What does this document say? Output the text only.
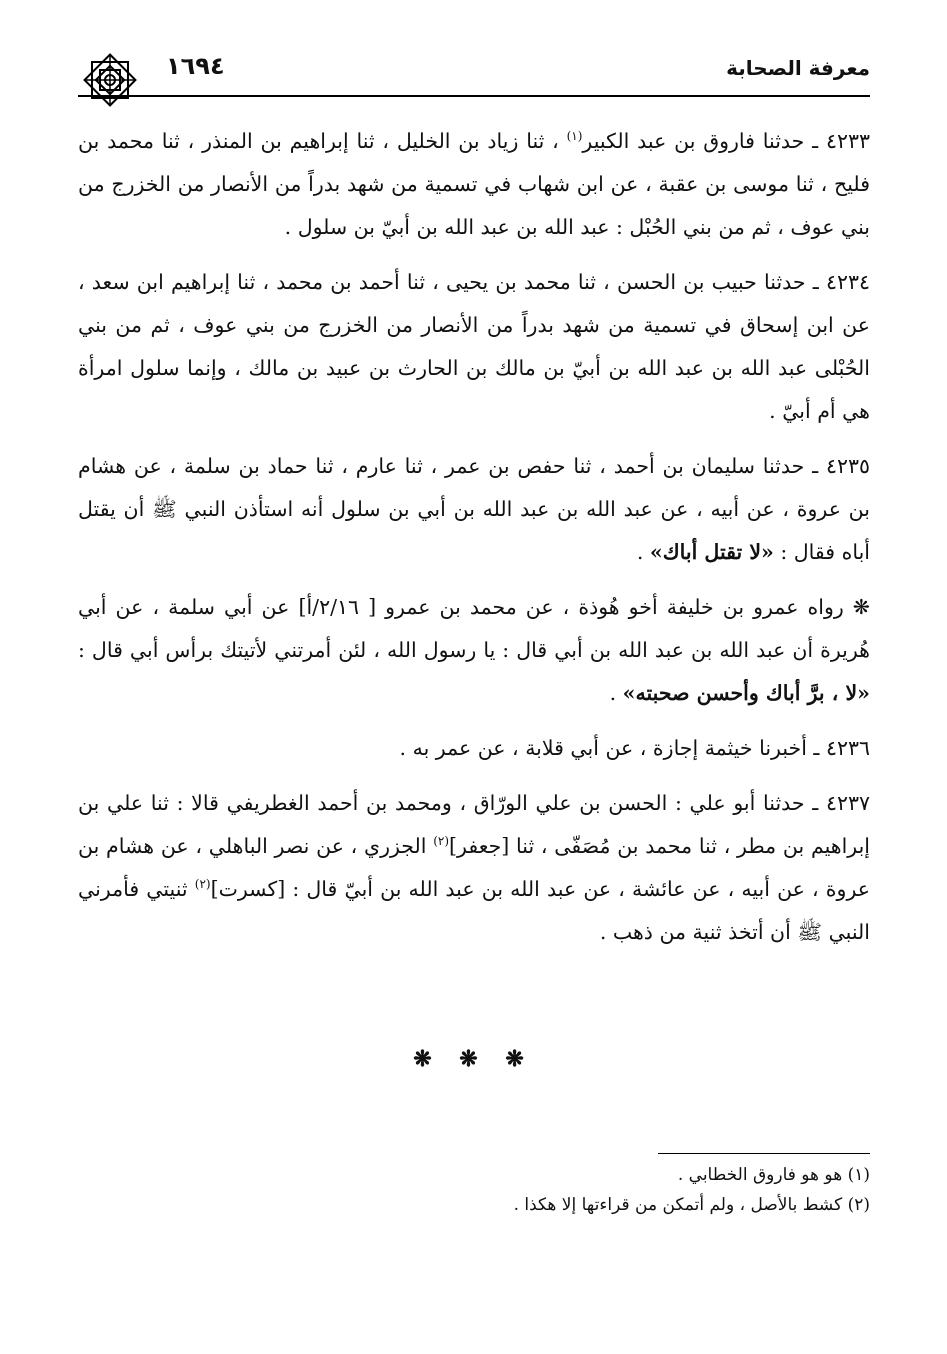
معرفة الصحابة
١٦٩٤

٤٢٣٣ ـ حدثنا فاروق بن عبد الكبير$^{(١)}$ ، ثنا زياد بن الخليل ، ثنا إبراهيم بن المنذر ، ثنا محمد بن فليح ، ثنا موسى بن عقبة ، عن ابن شهاب في تسمية من شهد بدراً من الأنصار من الخزرج من بني عوف ، ثم من بني الحُبْل : عبد الله بن عبد الله بن أبيّ بن سلول .

٤٢٣٤ ـ حدثنا حبيب بن الحسن ، ثنا محمد بن يحيى ، ثنا أحمد بن محمد ، ثنا إبراهيم ابن سعد ، عن ابن إسحاق في تسمية من شهد بدراً من الأنصار من الخزرج من بني عوف ، ثم من بني الحُبْلى عبد الله بن عبد الله بن أبيّ بن مالك بن الحارث بن عبيد بن مالك ، وإنما سلول امرأة هي أم أبيّ .

٤٢٣٥ ـ حدثنا سليمان بن أحمد ، ثنا حفص بن عمر ، ثنا عارم ، ثنا حماد بن سلمة ، عن هشام بن عروة ، عن أبيه ، عن عبد الله بن عبد الله بن أبي بن سلول أنه استأذن النبي ﷺ أن يقتل أباه فقال : «لا تقتل أباك» .

❋ رواه عمرو بن خليفة أخو هُوذة ، عن محمد بن عمرو [ ٢/١٦/أ] عن أبي سلمة ، عن أبي هُريرة أن عبد الله بن عبد الله بن أبي قال : يا رسول الله ، لئن أمرتني لأتيتك برأس أبي قال : «لا ، برَّ أباك وأحسن صحبته» .

٤٢٣٦ ـ أخبرنا خيثمة إجازة ، عن أبي قلابة ، عن عمر به .

٤٢٣٧ ـ حدثنا أبو علي : الحسن بن علي الورّاق ، ومحمد بن أحمد الغطريفي قالا : ثنا علي بن إبراهيم بن مطر ، ثنا محمد بن مُصَفّى ، ثنا [جعفر]$^{(٢)}$ الجزري ، عن نصر الباهلي ، عن هشام بن عروة ، عن أبيه ، عن عائشة ، عن عبد الله بن عبد الله بن أبيّ قال : [كسرت]$^{(٢)}$ ثنيتي فأمرني النبي ﷺ أن أتخذ ثنية من ذهب .

❋ ❋ ❋

(١) هو هو فاروق الخطابي .

(٢) كشط بالأصل ، ولم أتمكن من قراءتها إلا هكذا .
